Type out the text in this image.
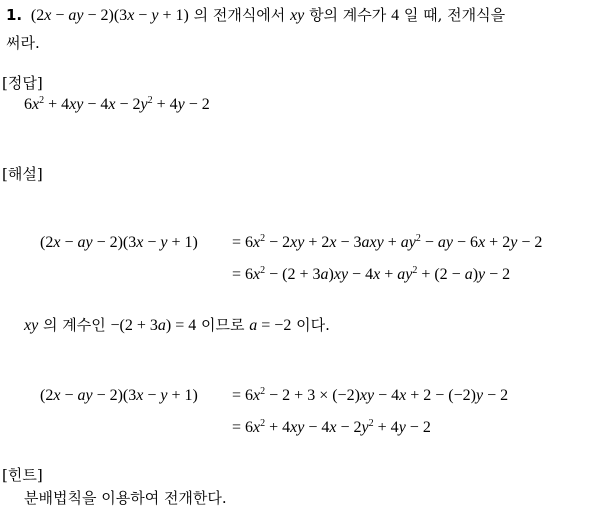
1.  (2x − ay − 2)(3x − y + 1) 의 전개식에서 xy 항의 계수가 4 일 때, 전개식을
써라.
[정답]
$6x^2 + 4xy - 4x - 2y^2 + 4y - 2$
[해설]
(2x − ay − $2)(3x - y + 1) = 6x^2 - 2xy + 2x - 3axy + ay^2$ − ay − 6x + 2y − 2
= $6x^2 - (2 + 3a)xy - 4x + ay^2 + (2 - a)y - 2$
xy 의 계수인 −(2 + 3a) = 4 이므로 a = −2 이다.
(2x − ay − $2)(3x - y + 1) = 6x^2 - 2 + 3 \times (-2)xy - 4x + 2 - (-2)y - 2$
= $6x^2 + 4xy - 4x - 2y^2 + 4y - 2$
[힌트]
분배법칙을 이용하여 전개한다.
